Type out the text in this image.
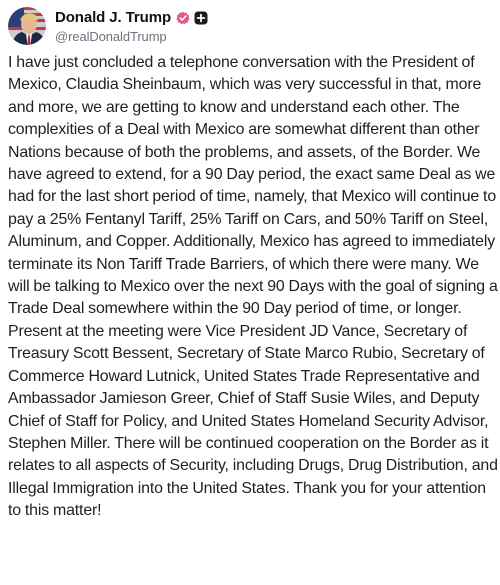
Donald J. Trump
@realDonaldTrump

I have just concluded a telephone conversation with the President of Mexico, Claudia Sheinbaum, which was very successful in that, more and more, we are getting to know and understand each other. The complexities of a Deal with Mexico are somewhat different than other Nations because of both the problems, and assets, of the Border. We have agreed to extend, for a 90 Day period, the exact same Deal as we had for the last short period of time, namely, that Mexico will continue to pay a 25% Fentanyl Tariff, 25% Tariff on Cars, and 50% Tariff on Steel, Aluminum, and Copper. Additionally, Mexico has agreed to immediately terminate its Non Tariff Trade Barriers, of which there were many. We will be talking to Mexico over the next 90 Days with the goal of signing a Trade Deal somewhere within the 90 Day period of time, or longer. Present at the meeting were Vice President JD Vance, Secretary of Treasury Scott Bessent, Secretary of State Marco Rubio, Secretary of Commerce Howard Lutnick, United States Trade Representative and Ambassador Jamieson Greer, Chief of Staff Susie Wiles, and Deputy Chief of Staff for Policy, and United States Homeland Security Advisor, Stephen Miller. There will be continued cooperation on the Border as it relates to all aspects of Security, including Drugs, Drug Distribution, and Illegal Immigration into the United States. Thank you for your attention to this matter!
